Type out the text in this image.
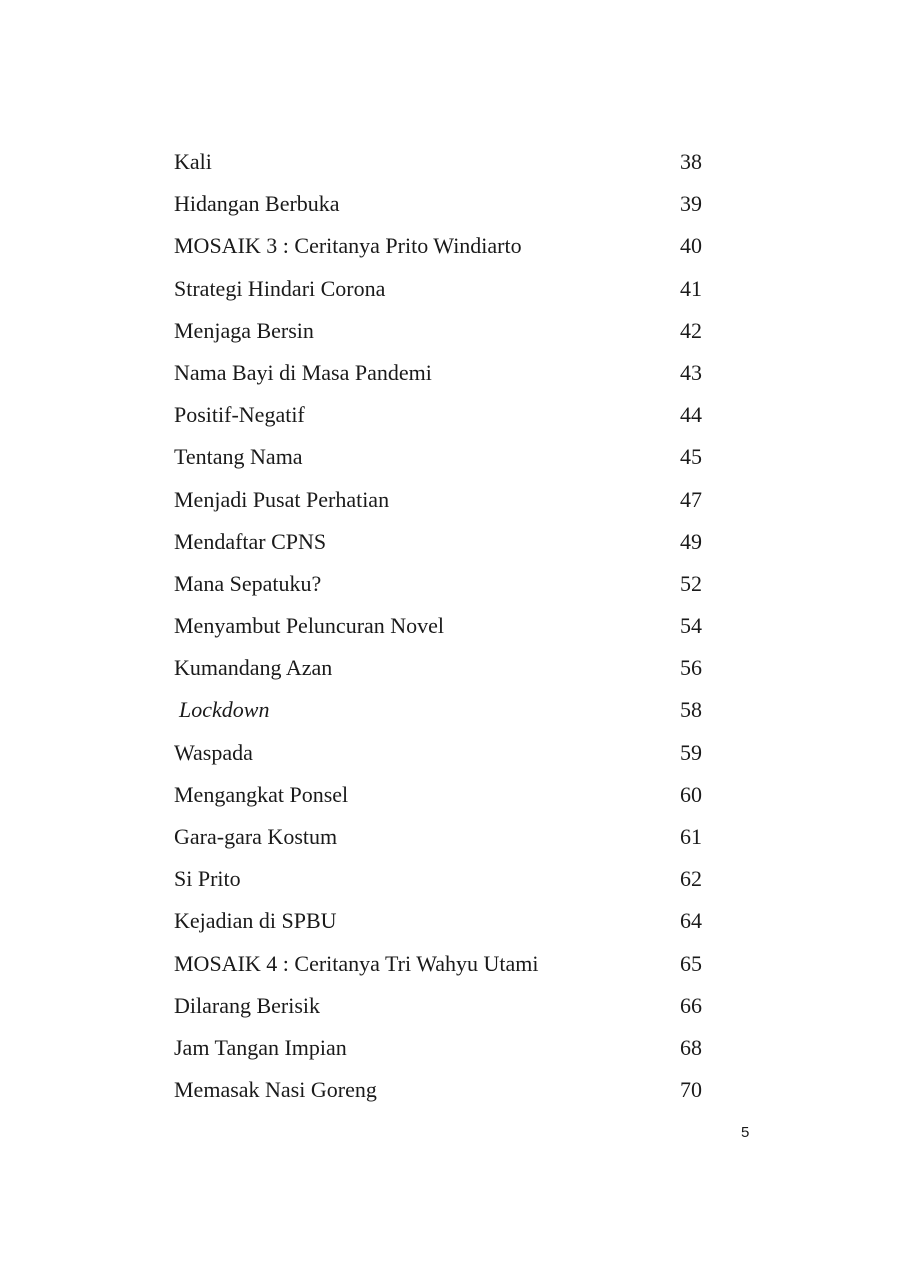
Kali	38
Hidangan Berbuka	39
MOSAIK 3 : Ceritanya Prito Windiarto	40
Strategi Hindari Corona	41
Menjaga Bersin	42
Nama Bayi di Masa Pandemi	43
Positif-Negatif	44
Tentang Nama	45
Menjadi Pusat Perhatian	47
Mendaftar CPNS	49
Mana Sepatuku?	52
Menyambut Peluncuran Novel	54
Kumandang Azan	56
Lockdown	58
Waspada	59
Mengangkat Ponsel	60
Gara-gara Kostum	61
Si Prito	62
Kejadian di SPBU	64
MOSAIK 4 : Ceritanya Tri Wahyu Utami	65
Dilarang Berisik	66
Jam Tangan Impian	68
Memasak Nasi Goreng	70
5
